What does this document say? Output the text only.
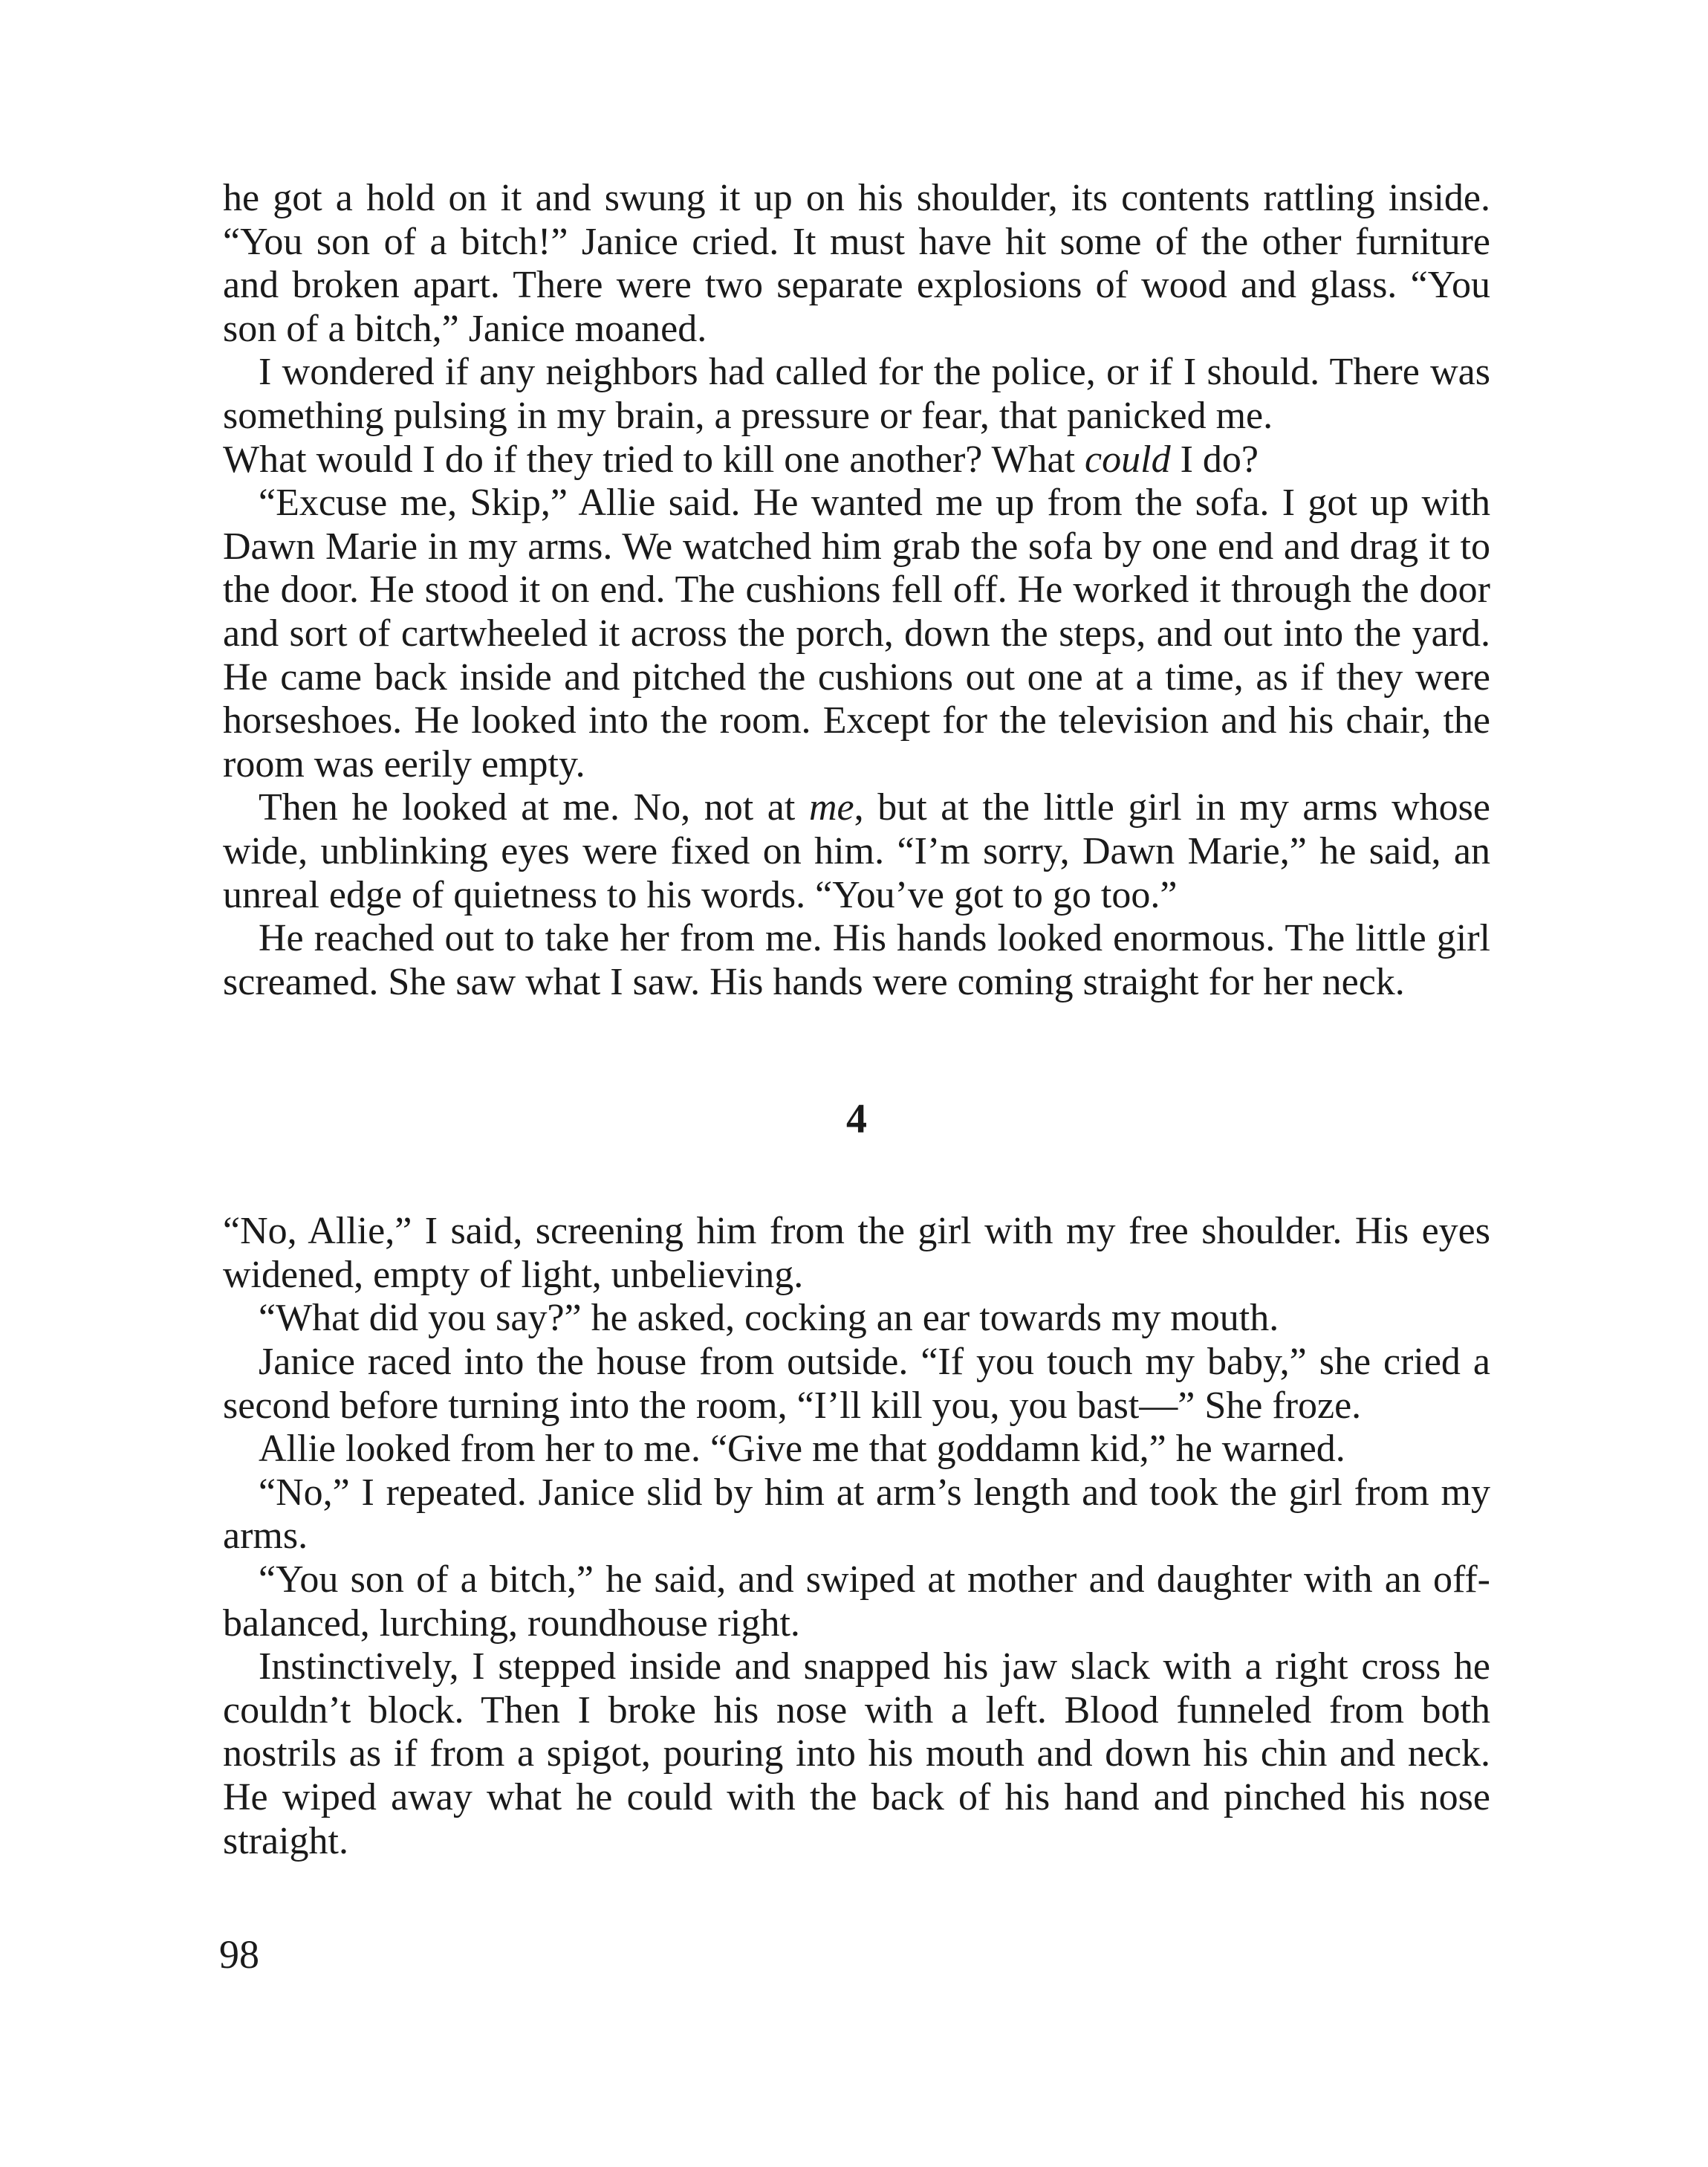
he got a hold on it and swung it up on his shoulder, its contents rattling inside. “You son of a bitch!” Janice cried. It must have hit some of the other furniture and broken apart. There were two separate explosions of wood and glass. “You son of a bitch,” Janice moaned.

I wondered if any neighbors had called for the police, or if I should. There was something pulsing in my brain, a pressure or fear, that panicked me.

What would I do if they tried to kill one another? What could I do?

“Excuse me, Skip,” Allie said. He wanted me up from the sofa. I got up with Dawn Marie in my arms. We watched him grab the sofa by one end and drag it to the door. He stood it on end. The cushions fell off. He worked it through the door and sort of cartwheeled it across the porch, down the steps, and out into the yard. He came back inside and pitched the cushions out one at a time, as if they were horseshoes. He looked into the room. Except for the television and his chair, the room was eerily empty.

Then he looked at me. No, not at me, but at the little girl in my arms whose wide, unblinking eyes were fixed on him. “I’m sorry, Dawn Marie,” he said, an unreal edge of quietness to his words. “You’ve got to go too.”

He reached out to take her from me. His hands looked enormous. The little girl screamed. She saw what I saw. His hands were coming straight for her neck.

4

“No, Allie,” I said, screening him from the girl with my free shoulder. His eyes widened, empty of light, unbelieving.

“What did you say?” he asked, cocking an ear towards my mouth.

Janice raced into the house from outside. “If you touch my baby,” she cried a second before turning into the room, “I’ll kill you, you bast—” She froze.

Allie looked from her to me. “Give me that goddamn kid,” he warned.

“No,” I repeated. Janice slid by him at arm’s length and took the girl from my arms.

“You son of a bitch,” he said, and swiped at mother and daughter with an off-balanced, lurching, roundhouse right.

Instinctively, I stepped inside and snapped his jaw slack with a right cross he couldn’t block. Then I broke his nose with a left. Blood funneled from both nostrils as if from a spigot, pouring into his mouth and down his chin and neck. He wiped away what he could with the back of his hand and pinched his nose straight.

98
